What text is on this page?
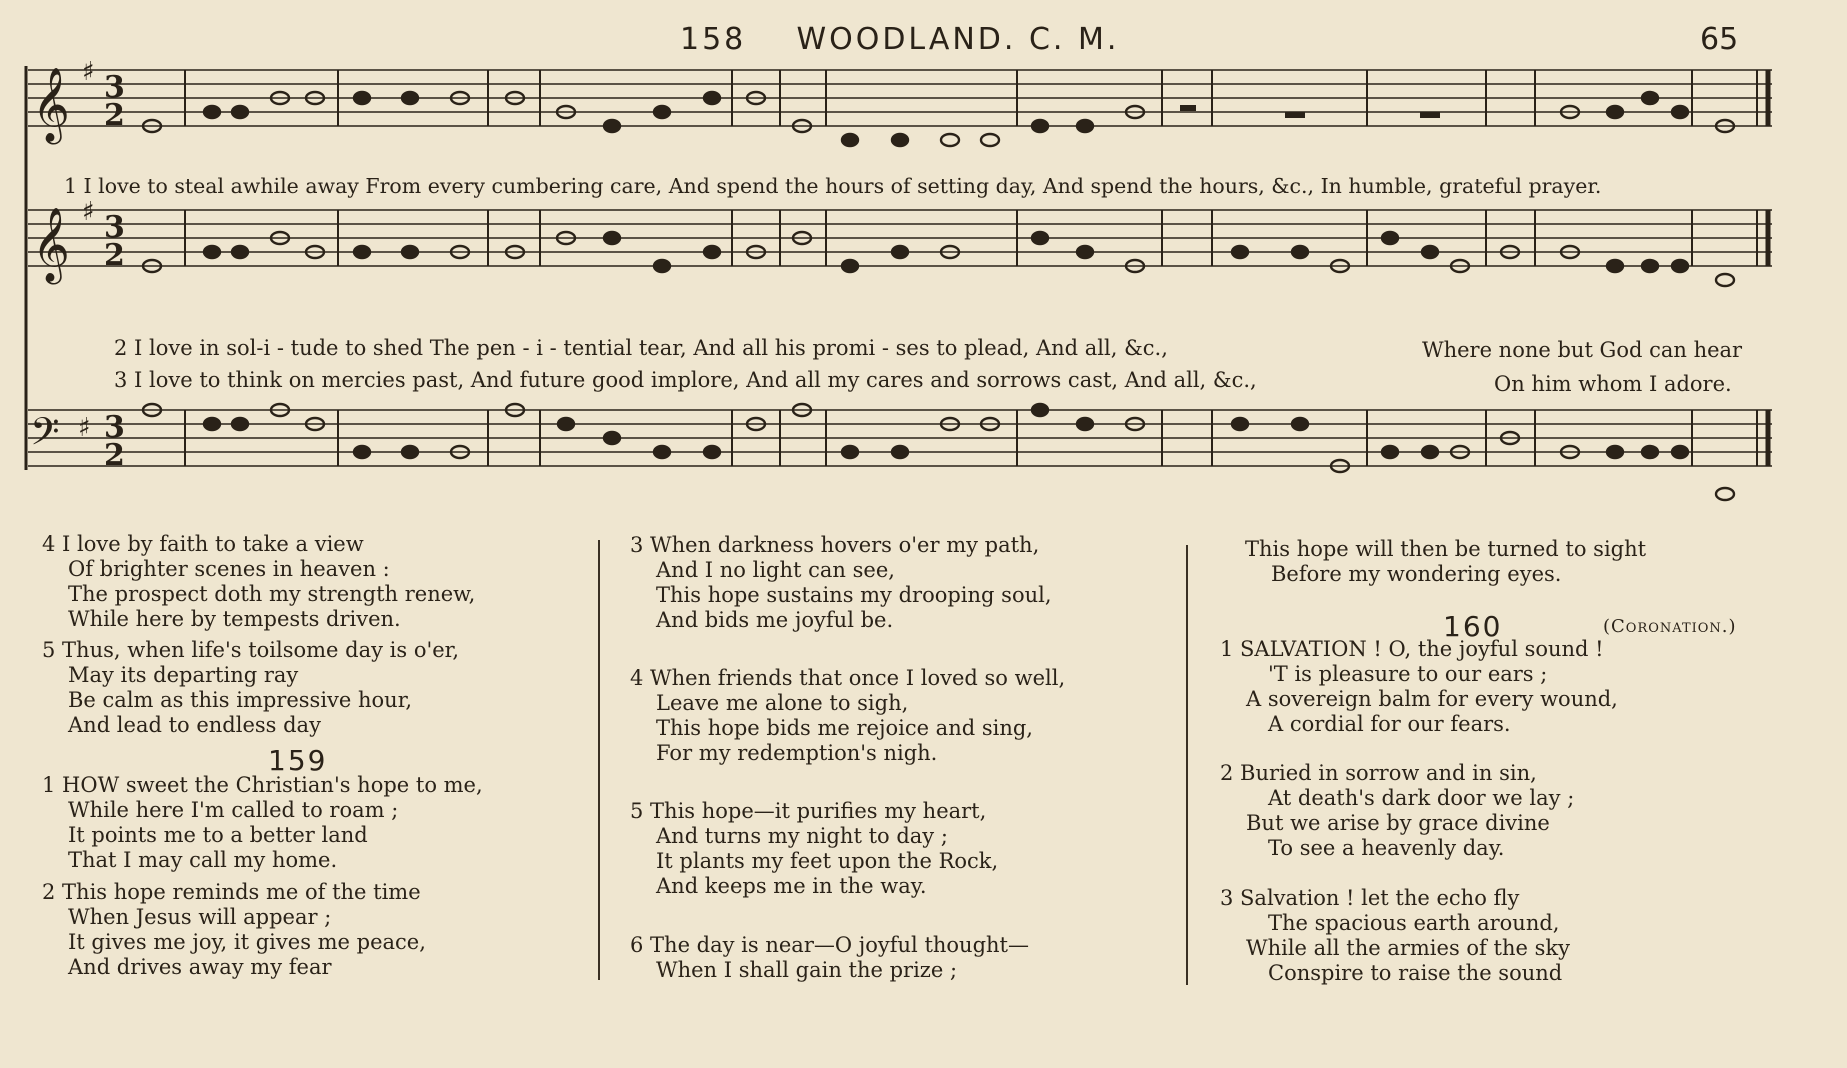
158 WOODLAND. C. M.	65
𝄞
𝄞
𝄢
♯
♯
♯
3
2
3
2
3
2
1 I love to steal awhile away From every cumbering care, And spend the hours of setting day, And spend the hours, &c., In humble, grateful prayer.
2 I love in sol-i - tude to shed The pen - i - tential tear, And all his promi - ses to plead, And all, &c.,	Where none but God can hear
3 I love to think on mercies past, And future good implore, And all my cares and sorrows cast, And all, &c.,	On him whom I adore.
4 I love by faith to take a view
Of brighter scenes in heaven :
The prospect doth my strength renew,
While here by tempests driven.
5 Thus, when life's toilsome day is o'er,
May its departing ray
Be calm as this impressive hour,
And lead to endless day
159
1 HOW sweet the Christian's hope to me,
While here I'm called to roam ;
It points me to a better land
That I may call my home.
2 This hope reminds me of the time
When Jesus will appear ;
It gives me joy, it gives me peace,
And drives away my fear
3 When darkness hovers o'er my path,
And I no light can see,
This hope sustains my drooping soul,
And bids me joyful be.
4 When friends that once I loved so well,
Leave me alone to sigh,
This hope bids me rejoice and sing,
For my redemption's nigh.
5 This hope—it purifies my heart,
And turns my night to day ;
It plants my feet upon the Rock,
And keeps me in the way.
6 The day is near—O joyful thought—
When I shall gain the prize ;
This hope will then be turned to sight
Before my wondering eyes.
160	(Coronation.)
1 SALVATION ! O, the joyful sound !
'T is pleasure to our ears ;
A sovereign balm for every wound,
A cordial for our fears.
2 Buried in sorrow and in sin,
At death's dark door we lay ;
But we arise by grace divine
To see a heavenly day.
3 Salvation ! let the echo fly
The spacious earth around,
While all the armies of the sky
Conspire to raise the sound
